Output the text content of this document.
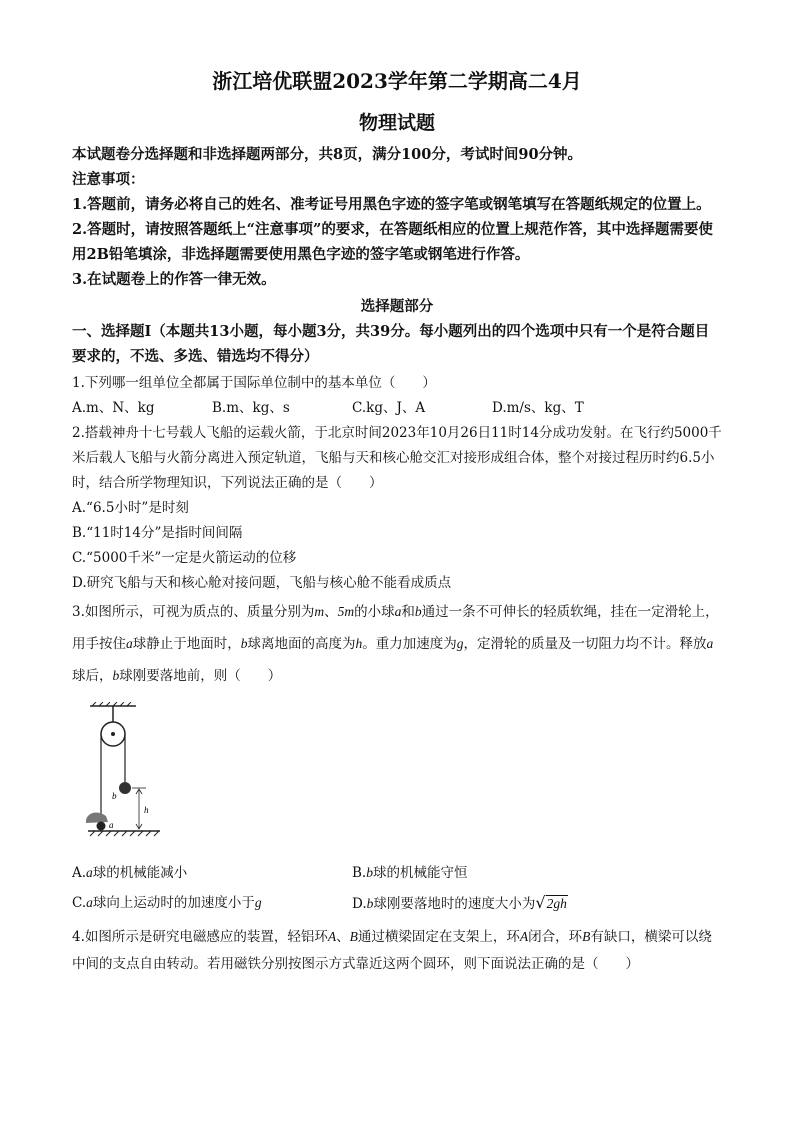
浙江培优联盟2023学年第二学期高二4月
物理试题

本试题卷分选择题和非选择题两部分，共8页，满分100分，考试时间90分钟。

注意事项：

1.答题前，请务必将自己的姓名、准考证号用黑色字迹的签字笔或钢笔填写在答题纸规定的位置上。

2.答题时，请按照答题纸上“注意事项”的要求，在答题纸相应的位置上规范作答，其中选择题需要使用2B铅笔填涂，非选择题需要使用黑色字迹的签字笔或钢笔进行作答。

3.在试题卷上的作答一律无效。

选择题部分

一、选择题Ⅰ（本题共13小题，每小题3分，共39分。每小题列出的四个选项中只有一个是符合题目要求的，不选、多选、错选均不得分）

1.下列哪一组单位全都属于国际单位制中的基本单位（　　）

A.m、N、kg	B.m、kg、s	C.kg、J、A	D.m/s、kg、T

2.搭载神舟十七号载人飞船的运载火箭，于北京时间2023年10月26日11时14分成功发射。在飞行约5000千米后载人飞船与火箭分离进入预定轨道，飞船与天和核心舱交汇对接形成组合体，整个对接过程历时约6.5小时，结合所学物理知识，下列说法正确的是（　　）

A.“6.5小时”是时刻

B.“11时14分”是指时间间隔

C.“5000千米”一定是火箭运动的位移

D.研究飞船与天和核心舱对接问题，飞船与核心舱不能看成质点

3.如图所示，可视为质点的、质量分别为m、5m的小球a和b通过一条不可伸长的轻质软绳，挂在一定滑轮上，用手按住a球静止于地面时，b球离地面的高度为h。重力加速度为g，定滑轮的质量及一切阻力均不计。释放a球后，b球刚要落地前，则（　　）

b
h
a
A.a球的机械能减小	B.b球的机械能守恒
C.a球向上运动时的加速度小于g	D.b球刚要落地时的速度大小为√2gh

4.如图所示是研究电磁感应的装置，轻铝环A、B通过横梁固定在支架上，环A闭合，环B有缺口，横梁可以绕中间的支点自由转动。若用磁铁分别按图示方式靠近这两个圆环，则下面说法正确的是（　　）
